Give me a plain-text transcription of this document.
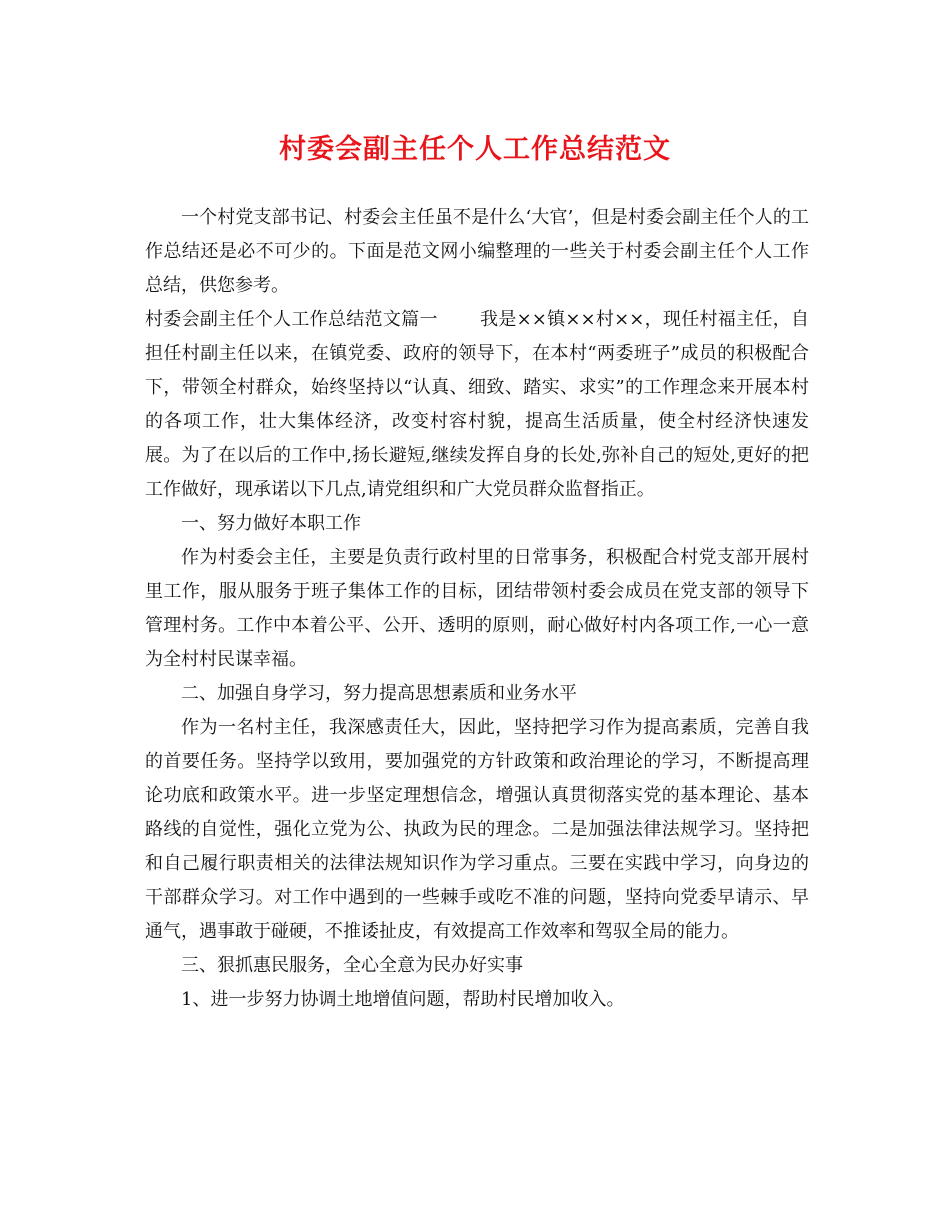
村委会副主任个人工作总结范文

一个村党支部书记、村委会主任虽不是什么‘大官’，但是村委会副主任个人的工作总结还是必不可少的。下面是范文网小编整理的一些关于村委会副主任个人工作总结，供您参考。

村委会副主任个人工作总结范文篇一 我是××镇××村××，现任村福主任，自担任村副主任以来，在镇党委、政府的领导下，在本村“两委班子”成员的积极配合下，带领全村群众，始终坚持以“认真、细致、踏实、求实”的工作理念来开展本村的各项工作，壮大集体经济，改变村容村貌，提高生活质量，使全村经济快速发展。为了在以后的工作中,扬长避短,继续发挥自身的长处,弥补自己的短处,更好的把工作做好，现承诺以下几点,请党组织和广大党员群众监督指正。

一、努力做好本职工作

作为村委会主任，主要是负责行政村里的日常事务，积极配合村党支部开展村里工作，服从服务于班子集体工作的目标，团结带领村委会成员在党支部的领导下管理村务。工作中本着公平、公开、透明的原则，耐心做好村内各项工作,一心一意为全村村民谋幸福。

二、加强自身学习，努力提高思想素质和业务水平

作为一名村主任，我深感责任大，因此，坚持把学习作为提高素质，完善自我的首要任务。坚持学以致用，要加强党的方针政策和政治理论的学习，不断提高理论功底和政策水平。进一步坚定理想信念，增强认真贯彻落实党的基本理论、基本路线的自觉性，强化立党为公、执政为民的理念。二是加强法律法规学习。坚持把和自己履行职责相关的法律法规知识作为学习重点。三要在实践中学习，向身边的干部群众学习。对工作中遇到的一些棘手或吃不准的问题，坚持向党委早请示、早通气，遇事敢于碰硬，不推诿扯皮，有效提高工作效率和驾驭全局的能力。

三、狠抓惠民服务，全心全意为民办好实事

1、进一步努力协调土地增值问题，帮助村民增加收入。
